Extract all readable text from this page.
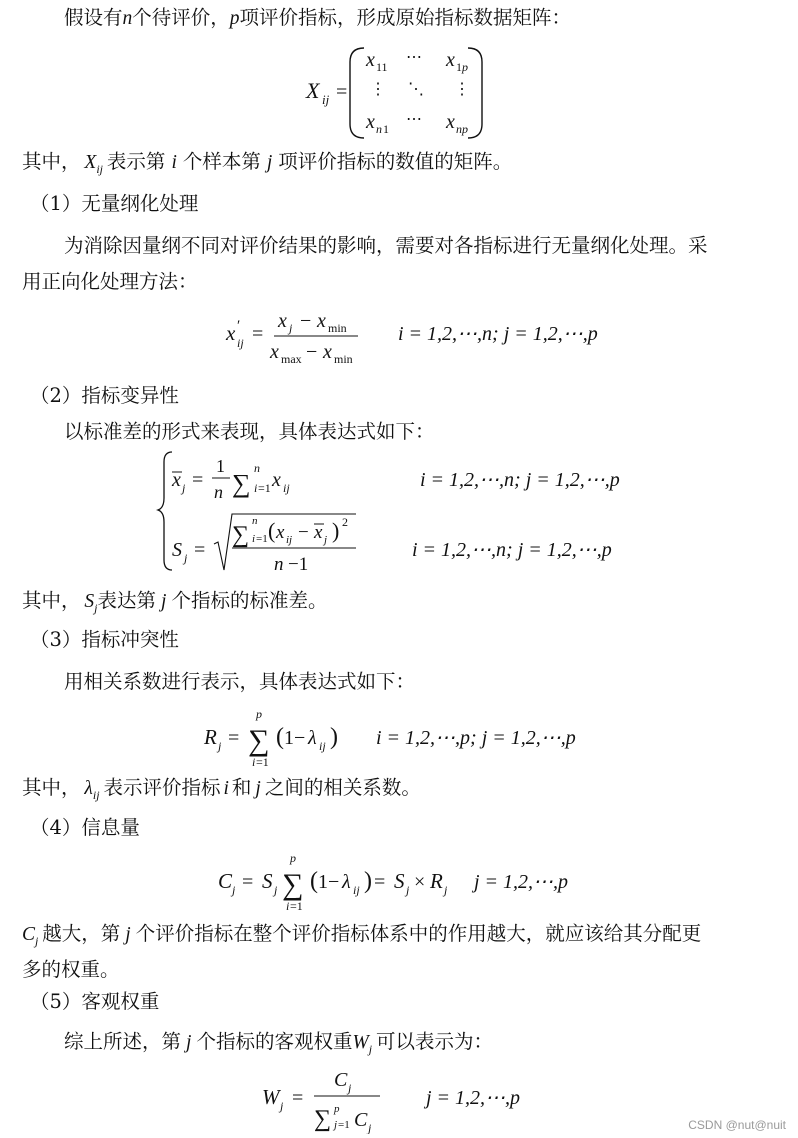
假设有n个待评价，p项评价指标，形成原始指标数据矩阵：
X ij =
x 11
⋯ x 1 p
⋮ ⋱ ⋮
x n 1
⋯ x np
其中， $X_{ij}$  表示第 i 个样本第 j 项评价指标的数值的矩阵。
（1）无量纲化处理
为消除因量纲不同对评价结果的影响，需要对各指标进行无量纲化处理。采
用正向化处理方法：
x ′
ij =
x j − x min
x max − x min
i = 1,2,⋯,n; j = 1,2,⋯,p
（2）指标变异性
以标准差的形式来表现，具体表达式如下：
x j =
1
n ∑
n
i =1 x ij	i = 1,2,⋯,n; j = 1,2,⋯,p
S j =
∑
n
i =1 ( x ij − x j ) 2
n −1
i = 1,2,⋯,n; j = 1,2,⋯,p
其中， $S_j$表达第 j 个指标的标准差。
（3）指标冲突性
用相关系数进行表示，具体表达式如下：
R j = ∑
p
i =1
( 1− λ ij ) i = 1,2,⋯,p; j = 1,2,⋯,p
其中， $\lambda_{ij}$  表示评价指标 i 和 j 之间的相关系数。
（4）信息量
C j = S j ∑
p
i =1
( 1− λ ij ) = S j × R j j = 1,2,⋯,p
$C_j$  越大，第 j 个评价指标在整个评价指标体系中的作用越大，就应该给其分配更
多的权重。
（5）客观权重
综上所述，第 j 个指标的客观权重$W_j$  可以表示为：
W j =
C j
∑ p
j =1 C j
j = 1,2,⋯,p
CSDN @nut@nuit
